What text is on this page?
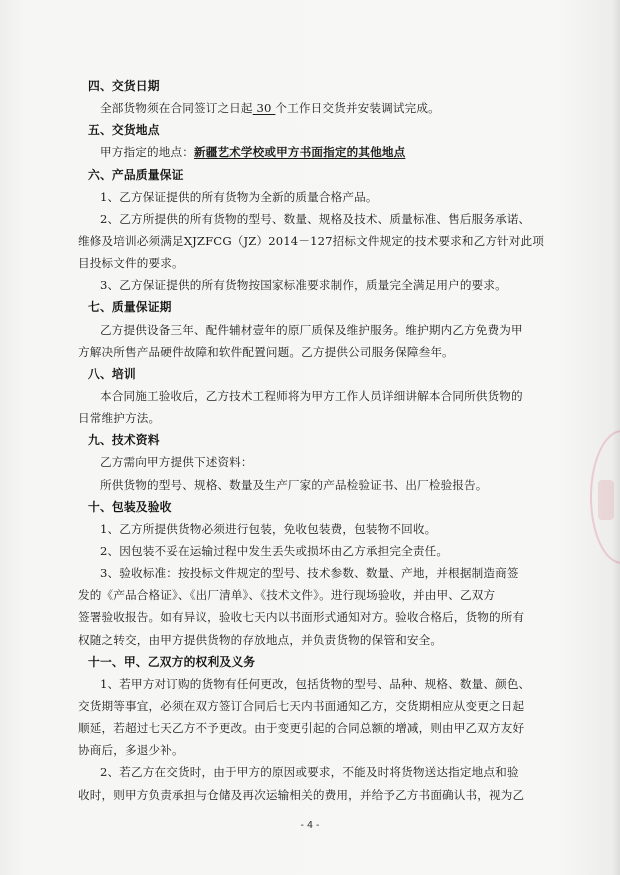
四、交货日期
全部货物须在合同签订之日起 30 个工作日交货并安装调试完成。
五、交货地点
甲方指定的地点：新疆艺术学校或甲方书面指定的其他地点
六、产品质量保证
1、乙方保证提供的所有货物为全新的质量合格产品。
2、乙方所提供的所有货物的型号、数量、规格及技术、质量标准、售后服务承诺、
维修及培训必须满足XJZFCG（JZ）2014－127招标文件规定的技术要求和乙方针对此项
目投标文件的要求。
3、乙方保证提供的所有货物按国家标准要求制作，质量完全满足用户的要求。
七、质量保证期
乙方提供设备三年、配件辅材壹年的原厂质保及维护服务。维护期内乙方免费为甲
方解决所售产品硬件故障和软件配置问题。乙方提供公司服务保障叁年。
八、培训
本合同施工验收后，乙方技术工程师将为甲方工作人员详细讲解本合同所供货物的
日常维护方法。
九、技术资料
乙方需向甲方提供下述资料：
所供货物的型号、规格、数量及生产厂家的产品检验证书、出厂检验报告。
十、包装及验收
1、乙方所提供货物必须进行包装，免收包装费，包装物不回收。
2、因包装不妥在运输过程中发生丢失或损坏由乙方承担完全责任。
3、验收标准：按投标文件规定的型号、技术参数、数量、产地，并根据制造商签
发的《产品合格证》、《出厂清单》、《技术文件》。进行现场验收，并由甲、乙双方
签署验收报告。如有异议，验收七天内以书面形式通知对方。验收合格后，货物的所有
权随之转交，由甲方提供货物的存放地点，并负责货物的保管和安全。
十一、甲、乙双方的权利及义务
1、若甲方对订购的货物有任何更改，包括货物的型号、品种、规格、数量、颜色、
交货期等事宜，必须在双方签订合同后七天内书面通知乙方，交货期相应从变更之日起
顺延，若超过七天乙方不予更改。由于变更引起的合同总额的增减，则由甲乙双方友好
协商后，多退少补。
2、若乙方在交货时，由于甲方的原因或要求，不能及时将货物送达指定地点和验
收时，则甲方负责承担与仓储及再次运输相关的费用，并给予乙方书面确认书，视为乙
- 4 -
